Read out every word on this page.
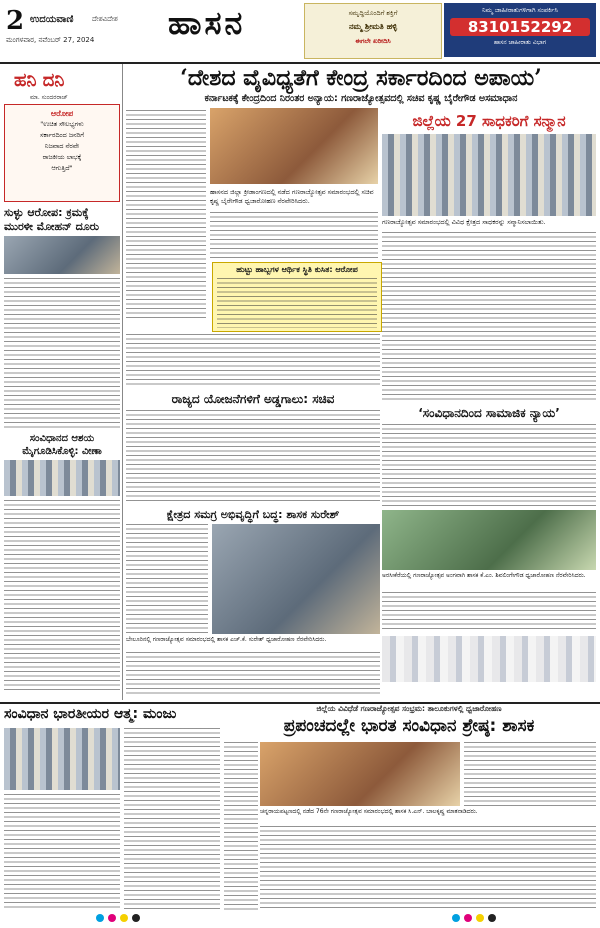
2 ಉದಯವಾಣಿ	ದೇಶವಿದೇಶ
ಮಂಗಳವಾರ, ನವೆಂಬರ್ 27, 2024 ಹಾಸನ	ಸಮೃದ್ಧಿಯೊಂದಿಗೆ ಶಕ್ತಿಗೆ
ನಮ್ಮ ಶ್ರೀಮತಿ ಹಳ್ಳಿ
ಈಗಲೇ ಖರೀದಿಸಿ
ನಿಮ್ಮ ಜಾಹೀರಾತುಗಳಿಗಾಗಿ ಸಂಪರ್ಕಿಸಿ
8310152292
ಹಾಸನ ಜಾಹೀರಾತು ವಿಭಾಗ
ಹನಿ ದನಿ
ಮಾ. ಸುಂದರರಾಜ್
ಆರೋಪ
"ಉಚಿತ ಸೌಲಭ್ಯಗಳು
ಸರ್ಕಾರದಿಂದ ಜನರಿಗೆ
ನಿಜವಾದ ನೆರವೇ
ರಾಜಕೀಯ ಲಾಭಕ್ಕೆ
ಆಗುತ್ತಿದೆ"
ಸುಳ್ಳು ಆರೋಪ: ಕ್ರಮಕ್ಕೆ ಮುರಳೀ ಮೋಹನ್ ದೂರು
ಸಂವಿಧಾನದ ಆಶಯ ಮೈಗೂಡಿಸಿಕೊಳ್ಳಿ: ವೀಣಾ
‘ದೇಶದ ವೈವಿಧ್ಯತೆಗೆ ಕೇಂದ್ರ ಸರ್ಕಾರದಿಂದ ಅಪಾಯ’
ಕರ್ನಾಟಕಕ್ಕೆ ಕೇಂದ್ರದಿಂದ ನಿರಂತರ ಅನ್ಯಾಯ: ಗಣರಾಜ್ಯೋತ್ಸವದಲ್ಲಿ ಸಚಿವ ಕೃಷ್ಣ ಬೈರೇಗೌಡ ಅಸಮಾಧಾನ
ಹಾಸನದ ಜಿಲ್ಲಾ ಕ್ರೀಡಾಂಗಣದಲ್ಲಿ ನಡೆದ ಗಣರಾಜ್ಯೋತ್ಸವ ಸಮಾರಂಭದಲ್ಲಿ ಸಚಿವ ಕೃಷ್ಣ ಬೈರೇಗೌಡ ಧ್ವಜಾರೋಹಣ ನೆರವೇರಿಸಿದರು.
ಜಿಲ್ಲೆಯ 27 ಸಾಧಕರಿಗೆ ಸನ್ಮಾನ
ಗಣರಾಜ್ಯೋತ್ಸವ ಸಮಾರಂಭದಲ್ಲಿ ವಿವಿಧ ಕ್ಷೇತ್ರದ ಸಾಧಕರನ್ನು ಸನ್ಮಾನಿಸಲಾಯಿತು.
ಹುಟ್ಟು ಹಾಬ್ಬಗಳ ಆರ್ಥಿಕ ಸ್ಥಿತಿ ಕುಸಿತ: ಆರೋಪ
ರಾಜ್ಯದ ಯೋಜನೆಗಳಿಗೆ ಅಡ್ಡಗಾಲು: ಸಚಿವ
‘ಸಂವಿಧಾನದಿಂದ ಸಾಮಾಜಿಕ ನ್ಯಾಯ’
ಅರಸೀಕೆರೆಯಲ್ಲಿ ಗಣರಾಜ್ಯೋತ್ಸವ ಅಂಗವಾಗಿ ಶಾಸಕ ಕೆ.ಎಂ. ಶಿವಲಿಂಗೇಗೌಡ ಧ್ವಜಾರೋಹಣ ನೆರವೇರಿಸಿದರು.
ಕ್ಷೇತ್ರದ ಸಮಗ್ರ ಅಭಿವೃದ್ಧಿಗೆ ಬದ್ಧ: ಶಾಸಕ ಸುರೇಶ್
ಬೇಲೂರಿನಲ್ಲಿ ಗಣರಾಜ್ಯೋತ್ಸವ ಸಮಾರಂಭದಲ್ಲಿ ಶಾಸಕ ಎಚ್.ಕೆ. ಸುರೇಶ್ ಧ್ವಜಾರೋಹಣ ನೆರವೇರಿಸಿದರು.
ಸಂವಿಧಾನ ಭಾರತೀಯರ ಆತ್ಮ: ಮಂಜು	ಜಿಲ್ಲೆಯ ವಿವಿಧೆಡೆ ಗಣರಾಜ್ಯೋತ್ಸವ ಸಂಭ್ರಮ: ತಾಲೂಕುಗಳಲ್ಲಿ ಧ್ವಜಾರೋಹಣ
ಪ್ರಪಂಚದಲ್ಲೇ ಭಾರತ ಸಂವಿಧಾನ ಶ್ರೇಷ್ಠ: ಶಾಸಕ
ಚನ್ನರಾಯಪಟ್ಟಣದಲ್ಲಿ ನಡೆದ 76ನೇ ಗಣರಾಜ್ಯೋತ್ಸವ ಸಮಾರಂಭದಲ್ಲಿ ಶಾಸಕ ಸಿ.ಎನ್. ಬಾಲಕೃಷ್ಣ ಮಾತನಾಡಿದರು.
